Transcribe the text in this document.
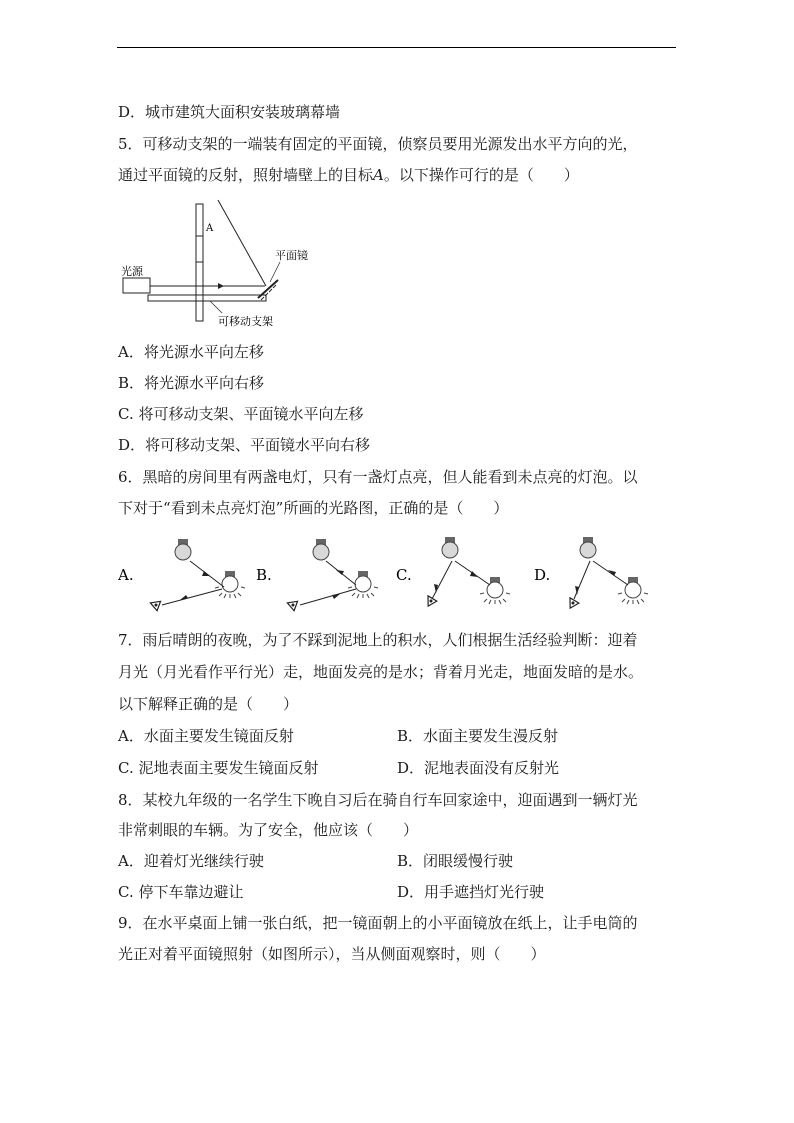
D．城市建筑大面积安装玻璃幕墙
5．可移动支架的一端装有固定的平面镜，侦察员要用光源发出水平方向的光，
通过平面镜的反射，照射墙壁上的目标A。以下操作可行的是（　　）
A
光源
平面镜
可移动支架
A．将光源水平向左移
B．将光源水平向右移
C. 将可移动支架、平面镜水平向左移
D．将可移动支架、平面镜水平向右移
6．黑暗的房间里有两盏电灯，只有一盏灯点亮，但人能看到未点亮的灯泡。以
下对于“看到未点亮灯泡”所画的光路图，正确的是（　　）
A.	B.	C.	D.
7．雨后晴朗的夜晚，为了不踩到泥地上的积水，人们根据生活经验判断：迎着
月光（月光看作平行光）走，地面发亮的是水；背着月光走，地面发暗的是水。
以下解释正确的是（　　）
A．水面主要发生镜面反射	B．水面主要发生漫反射
C. 泥地表面主要发生镜面反射	D．泥地表面没有反射光
8．某校九年级的一名学生下晚自习后在骑自行车回家途中，迎面遇到一辆灯光
非常刺眼的车辆。为了安全，他应该（　　）
A．迎着灯光继续行驶	B．闭眼缓慢行驶
C. 停下车靠边避让	D．用手遮挡灯光行驶
9．在水平桌面上铺一张白纸，把一镜面朝上的小平面镜放在纸上，让手电筒的
光正对着平面镜照射（如图所示），当从侧面观察时，则（　　）
